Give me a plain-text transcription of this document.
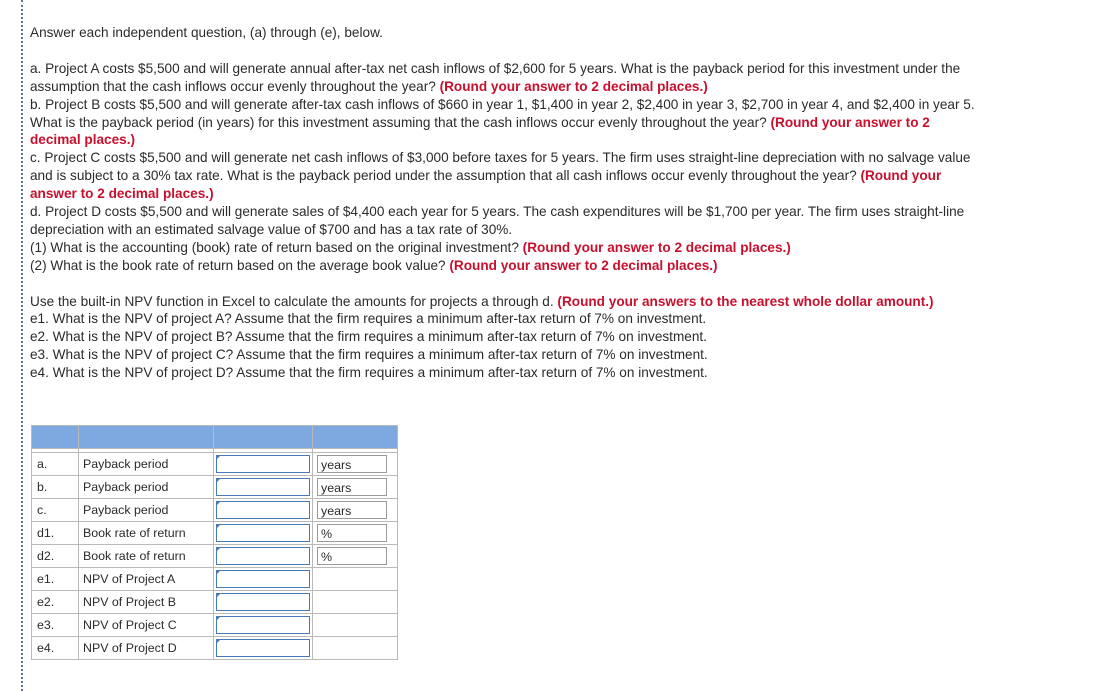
Answer each independent question, (a) through (e), below.

a. Project A costs $5,500 and will generate annual after-tax net cash inflows of $2,600 for 5 years. What is the payback period for this investment under the assumption that the cash inflows occur evenly throughout the year? (Round your answer to 2 decimal places.)

b. Project B costs $5,500 and will generate after-tax cash inflows of $660 in year 1, $1,400 in year 2, $2,400 in year 3, $2,700 in year 4, and $2,400 in year 5. What is the payback period (in years) for this investment assuming that the cash inflows occur evenly throughout the year? (Round your answer to 2 decimal places.)

c. Project C costs $5,500 and will generate net cash inflows of $3,000 before taxes for 5 years. The firm uses straight-line depreciation with no salvage value and is subject to a 30% tax rate. What is the payback period under the assumption that all cash inflows occur evenly throughout the year? (Round your answer to 2 decimal places.)

d. Project D costs $5,500 and will generate sales of $4,400 each year for 5 years. The cash expenditures will be $1,700 per year. The firm uses straight-line depreciation with an estimated salvage value of $700 and has a tax rate of 30%.

(1) What is the accounting (book) rate of return based on the original investment? (Round your answer to 2 decimal places.)

(2) What is the book rate of return based on the average book value? (Round your answer to 2 decimal places.)

Use the built-in NPV function in Excel to calculate the amounts for projects a through d. (Round your answers to the nearest whole dollar amount.)

e1. What is the NPV of project A? Assume that the firm requires a minimum after-tax return of 7% on investment.

e2. What is the NPV of project B? Assume that the firm requires a minimum after-tax return of 7% on investment.

e3. What is the NPV of project C? Assume that the firm requires a minimum after-tax return of 7% on investment.

e4. What is the NPV of project D? Assume that the firm requires a minimum after-tax return of 7% on investment.

a.	Payback period		years

b.	Payback period		years

c.	Payback period		years

d1.	Book rate of return		%

d2.	Book rate of return		%

e1.	NPV of Project A	

e2.	NPV of Project B	

e3.	NPV of Project C	

e4.	NPV of Project D	
